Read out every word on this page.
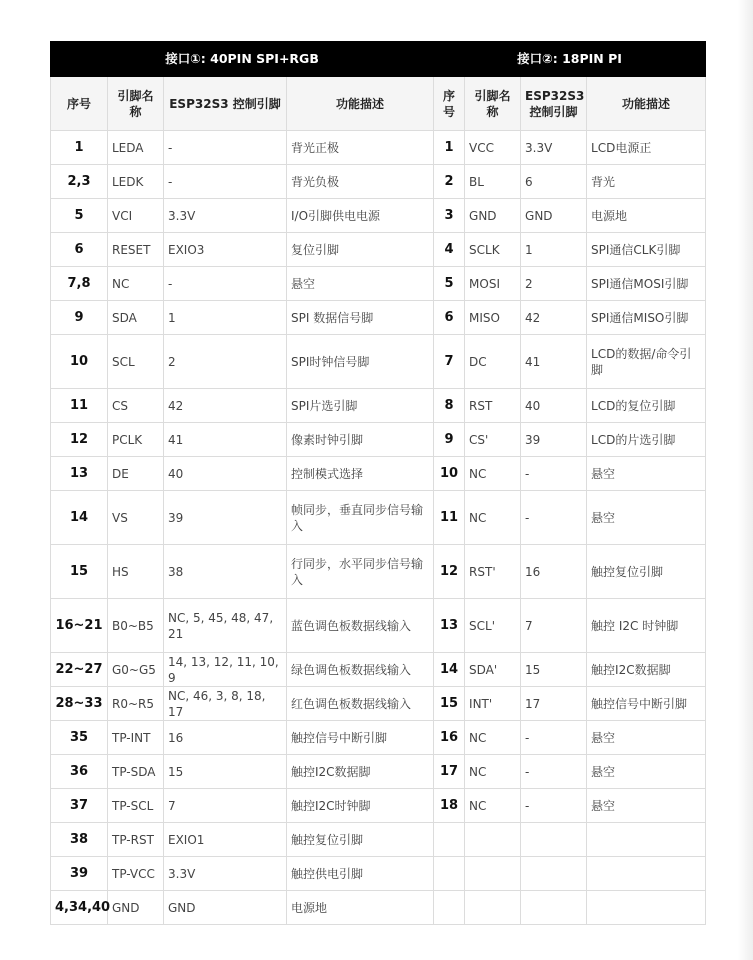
接口①: 40PIN SPI+RGB				接口②: 18PIN PI			
序号	引脚名称	ESP32S3 控制引脚	功能描述	序号	引脚名称	ESP32S3 控制引脚	功能描述
1	LEDA	-	背光正极	1	VCC	3.3V	LCD电源正
2,3	LEDK	-	背光负极	2	BL	6	背光
5	VCI	3.3V	I/O引脚供电电源	3	GND	GND	电源地
6	RESET	EXIO3	复位引脚	4	SCLK	1	SPI通信CLK引脚
7,8	NC	-	悬空	5	MOSI	2	SPI通信MOSI引脚
9	SDA	1	SPI 数据信号脚	6	MISO	42	SPI通信MISO引脚
10	SCL	2	SPI时钟信号脚	7	DC	41	LCD的数据/命令引脚
11	CS	42	SPI片选引脚	8	RST	40	LCD的复位引脚
12	PCLK	41	像素时钟引脚	9	CS'	39	LCD的片选引脚
13	DE	40	控制模式选择	10	NC	-	悬空
14	VS	39	帧同步，垂直同步信号输入	11	NC	-	悬空
15	HS	38	行同步，水平同步信号输入	12	RST'	16	触控复位引脚
16~21	B0~B5	NC, 5, 45, 48, 47, 21	蓝色调色板数据线输入	13	SCL'	7	触控 I2C 时钟脚
22~27	G0~G5	14, 13, 12, 11, 10, 9	绿色调色板数据线输入	14	SDA'	15	触控I2C数据脚
28~33	R0~R5	NC, 46, 3, 8, 18, 17	红色调色板数据线输入	15	INT'	17	触控信号中断引脚
35	TP-INT	16	触控信号中断引脚	16	NC	-	悬空
36	TP-SDA	15	触控I2C数据脚	17	NC	-	悬空
37	TP-SCL	7	触控I2C时钟脚	18	NC	-	悬空
38	TP-RST	EXIO1	触控复位引脚				
39	TP-VCC	3.3V	触控供电引脚				
4,34,40	GND	GND	电源地				
